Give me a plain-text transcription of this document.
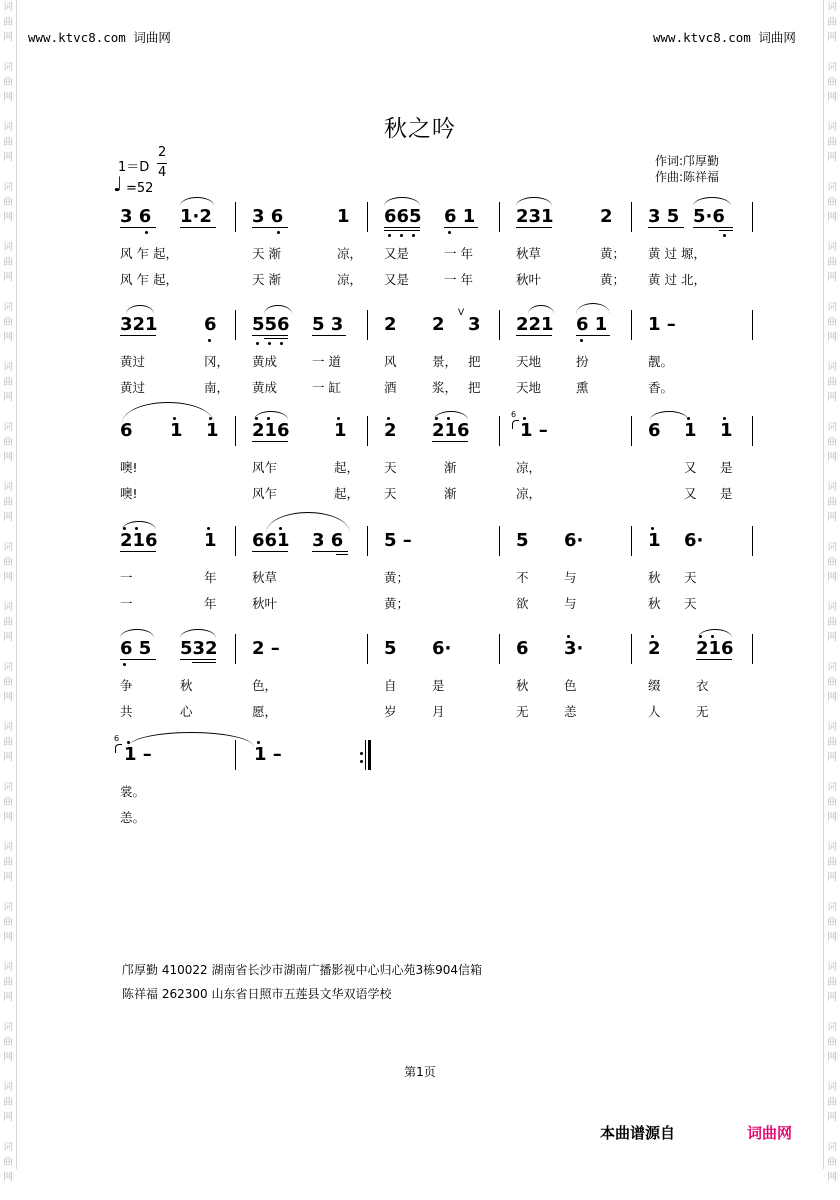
词
曲
网
词
曲
网
词
曲
网
词
曲
网
词
曲
网
词
曲
网
词
曲
网
词
曲
网
词
曲
网
词
曲
网
词
曲
网
词
曲
网
词
曲
网
词
曲
网
词
曲
网
词
曲
网
词
曲
网
词
曲
网
词
曲
网
词
曲
网
词
曲
网
词
曲
网
词
曲
网
词
曲
网
词
曲
网
词
曲
网
词
曲
网
词
曲
网
词
曲
网
词
曲
网
词
曲
网
词
曲
网
词
曲
网
词
曲
网
词
曲
网
词
曲
网
词
曲
网
词
曲
网
词
曲
网
词
曲
网
www.ktvc8.com 词曲网	www.ktvc8.com 词曲网
秋之吟
1＝D
2
4
♩ =52
作词:邝厚勤
作曲:陈祥福
3 6 1·2 3 6	1 665 6 1 231	2 3 5 5·6
风 乍 起，	天 渐	凉， 又是	一 年	秋草	黄； 黄 过 塬，
风 乍 起，	天 渐	凉， 又是	一 年	秋叶	黄； 黄 过 北，
321	6 556 5 3 2 2
V
3 221 6 1 1 –
黄过	冈， 黄成	一 道	风	景， 把	天地	扮	靓。
黄过	南， 黄成	一 缸	酒	浆， 把	天地	熏	香。
6 1 1 216 1 2 216
6
1 –	6 1 1
噢!	风乍	起， 天	渐	凉，	又 是
噢!	风乍	起， 天	渐	凉，	又 是
216	1 661 3 6 5 –	5 6·	1 6·
一	年	秋草	黄；	不	与	秋 天
一	年	秋叶	黄；	欲	与	秋 天
6 5 532 2 –	5 6·	6 3·	2 216
争	秋	色，	自	是	秋	色	缀	衣
共	心	愿，	岁	月	无	恙	人	无
6
1 –	1 –
裳。
恙。
邝厚勤 410022 湖南省长沙市湖南广播影视中心归心苑3栋904信箱
陈祥福 262300 山东省日照市五莲县文华双语学校
第1页
本曲谱源自	词曲网
